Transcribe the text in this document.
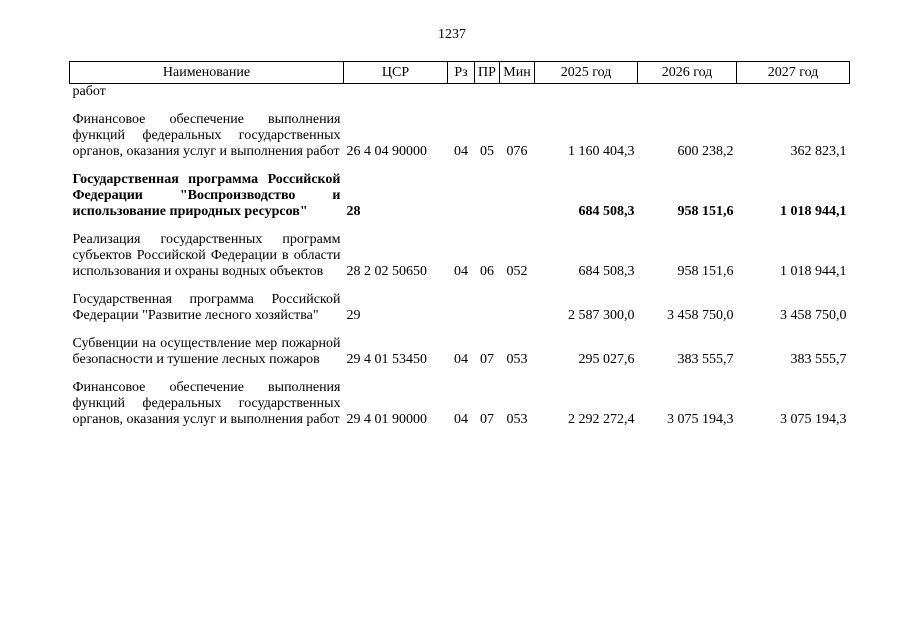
1237
Наименование	ЦСР	Рз	ПР	Мин	2025 год	2026 год	2027 год
работ							
Финансовое обеспечение выполнения функций федеральных государственных органов, оказания услуг и выполнения работ	26 4 04 90000	04	05	076	1 160 404,3	600 238,2	362 823,1
Государственная программа Российской Федерации "Воспроизводство и использование природных ресурсов"	28				684 508,3	958 151,6	1 018 944,1
Реализация государственных программ субъектов Российской Федерации в области использования и охраны водных объектов	28 2 02 50650	04	06	052	684 508,3	958 151,6	1 018 944,1
Государственная программа Российской Федерации "Развитие лесного хозяйства"	29				2 587 300,0	3 458 750,0	3 458 750,0
Субвенции на осуществление мер пожарной безопасности и тушение лесных пожаров	29 4 01 53450	04	07	053	295 027,6	383 555,7	383 555,7
Финансовое обеспечение выполнения функций федеральных государственных органов, оказания услуг и выполнения работ	29 4 01 90000	04	07	053	2 292 272,4	3 075 194,3	3 075 194,3
